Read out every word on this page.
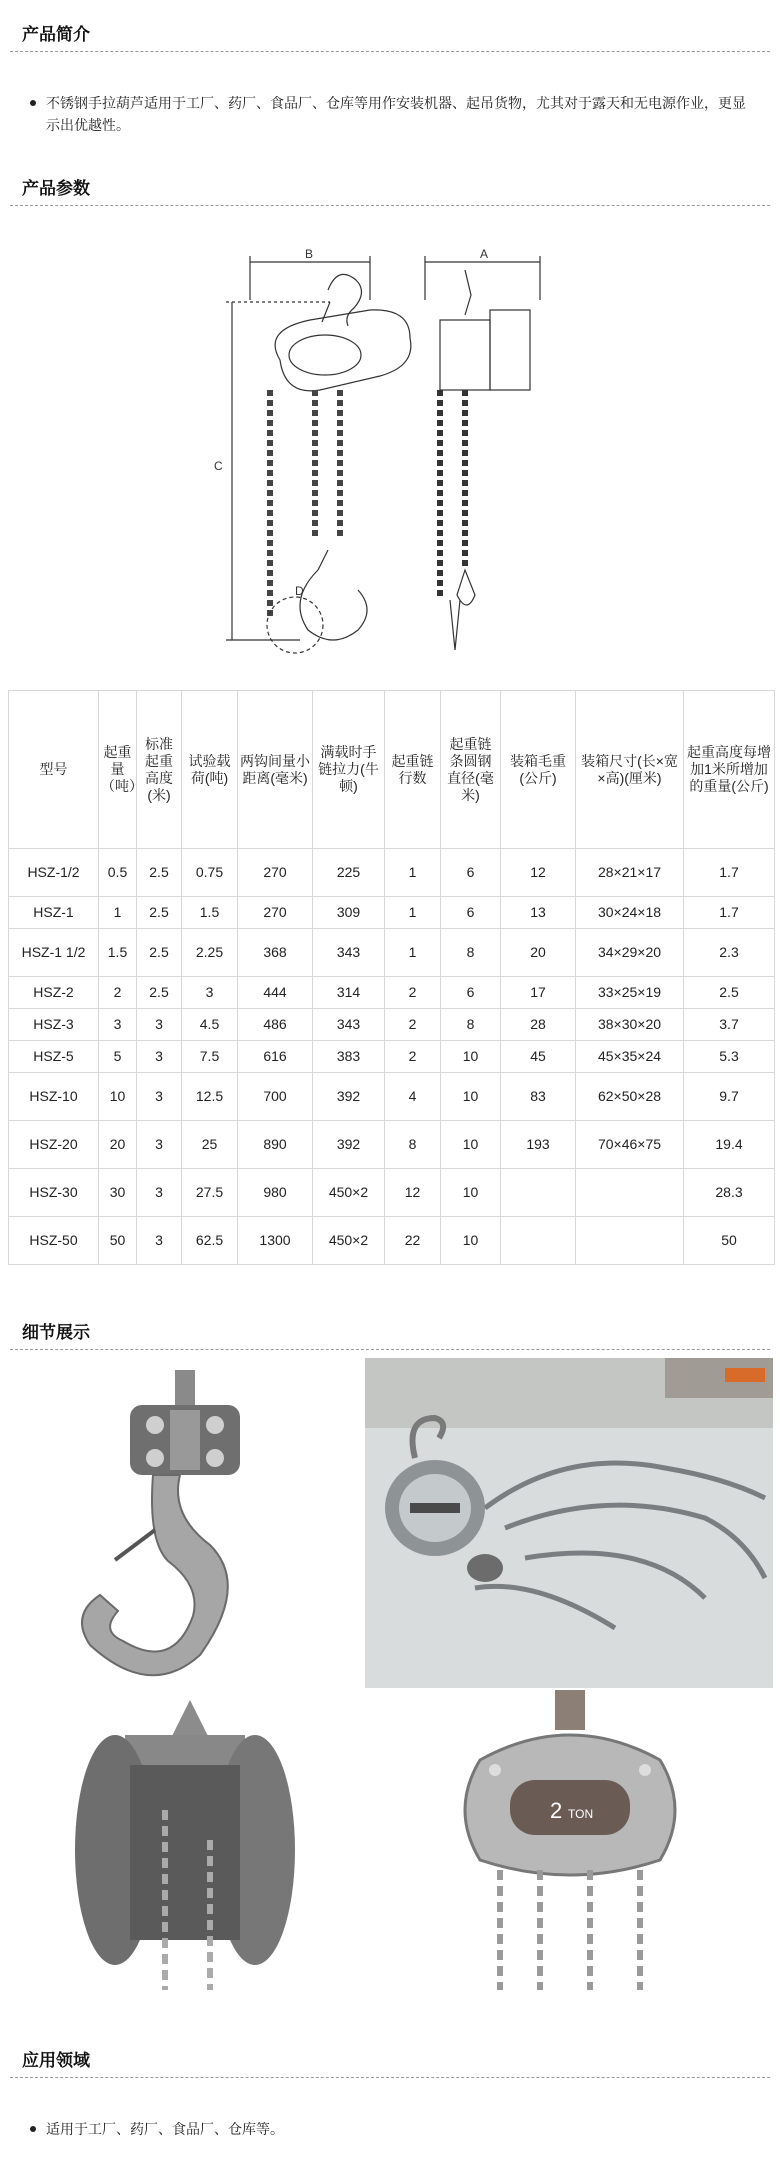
产品简介
不锈钢手拉葫芦适用于工厂、药厂、食品厂、仓库等用作安装机器、起吊货物，尤其对于露天和无电源作业，更显示出优越性。
产品参数
B	A
C
D
型号	起重量（吨）	标准起重高度(米)	试验载荷(吨)	两钩间量小距离(毫米)	满载时手链拉力(牛顿)	起重链行数	起重链条圆钢直径(毫米)	装箱毛重(公斤)	装箱尺寸(长×宽×高)(厘米)	起重高度每增加1米所增加的重量(公斤)
HSZ-1/2	0.5	2.5	0.75	270	225	1	6	12	28×21×17	1.7
HSZ-1	1	2.5	1.5	270	309	1	6	13	30×24×18	1.7
HSZ-1 1/2	1.5	2.5	2.25	368	343	1	8	20	34×29×20	2.3
HSZ-2	2	2.5	3	444	314	2	6	17	33×25×19	2.5
HSZ-3	3	3	4.5	486	343	2	8	28	38×30×20	3.7
HSZ-5	5	3	7.5	616	383	2	10	45	45×35×24	5.3
HSZ-10	10	3	12.5	700	392	4	10	83	62×50×28	9.7
HSZ-20	20	3	25	890	392	8	10	193	70×46×75	19.4
HSZ-30	30	3	27.5	980	450×2	12	10			28.3
HSZ-50	50	3	62.5	1300	450×2	22	10			50
细节展示
2 TON
应用领域
适用于工厂、药厂、食品厂、仓库等。
